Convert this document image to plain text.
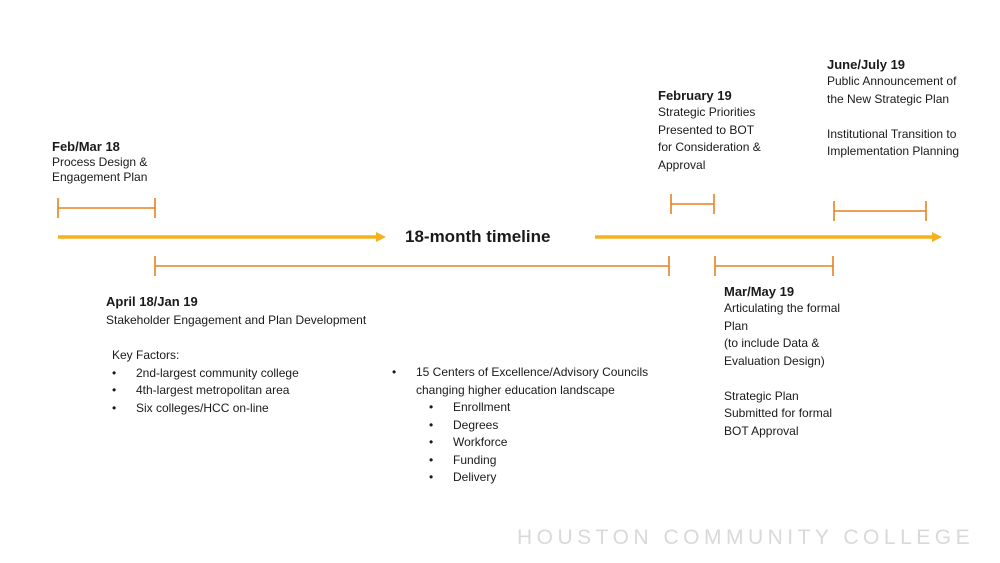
18-month timeline
Feb/Mar 18
Process Design &
Engagement Plan
April 18/Jan 19
Stakeholder Engagement and Plan Development
Key Factors:
• 2nd-largest community college
• 4th-largest metropolitan area
• Six colleges/HCC on-line
• 15 Centers of Excellence/Advisory Councils
changing higher education landscape
• Enrollment
• Degrees
• Workforce
• Funding
• Delivery
February 19
Strategic Priorities
Presented to BOT
for Consideration &
Approval
Mar/May 19
Articulating the formal
Plan
(to include Data &
Evaluation Design)
Strategic Plan
Submitted for formal
BOT Approval
June/July 19
Public Announcement of
the New Strategic Plan
Institutional Transition to
Implementation Planning
HOUSTON COMMUNITY COLLEGE
